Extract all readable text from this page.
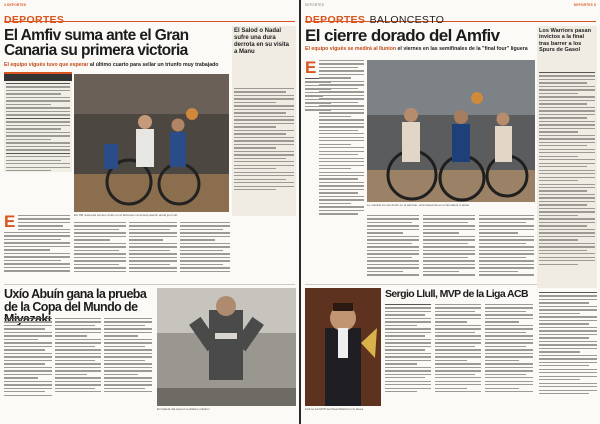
4 DEPORTES
DEPORTES
El Amfiv suma ante el Gran Canaria su primera victoria
El equipo viguès tuvo que esperar al último cuarto para sellar un triunfo muy trabajado
El Salod o Nadal sufre una dura derrota en su visita a Manu

Ein 88r autocrad sel dev Amfiv en el lalmsnen ca antesp alectin amiel jucu inti.
E
Uxío Abuín gana la prueba de la Copa del Mundo de
El triatleta dal assent ventilates sulafcor
DEPORTES	DEPORTES 5
DEPORTES BALONCESTO
El cierre dorado del Amfiv
El equipo viguès se medirá al Ilunion el viernes en las semifinales de la "final four" liguera
Los Warriors pasan invictos a la final tras barrer a los Spurs de Gasol
E
Lo mastrat ins del Amfiv en el parnato, enla fasted da es ucrtomatent d ebalo.
Llull se ba MVP del Real Madrid en la fasea
Sergio Llull, MVP de la Liga ACB
